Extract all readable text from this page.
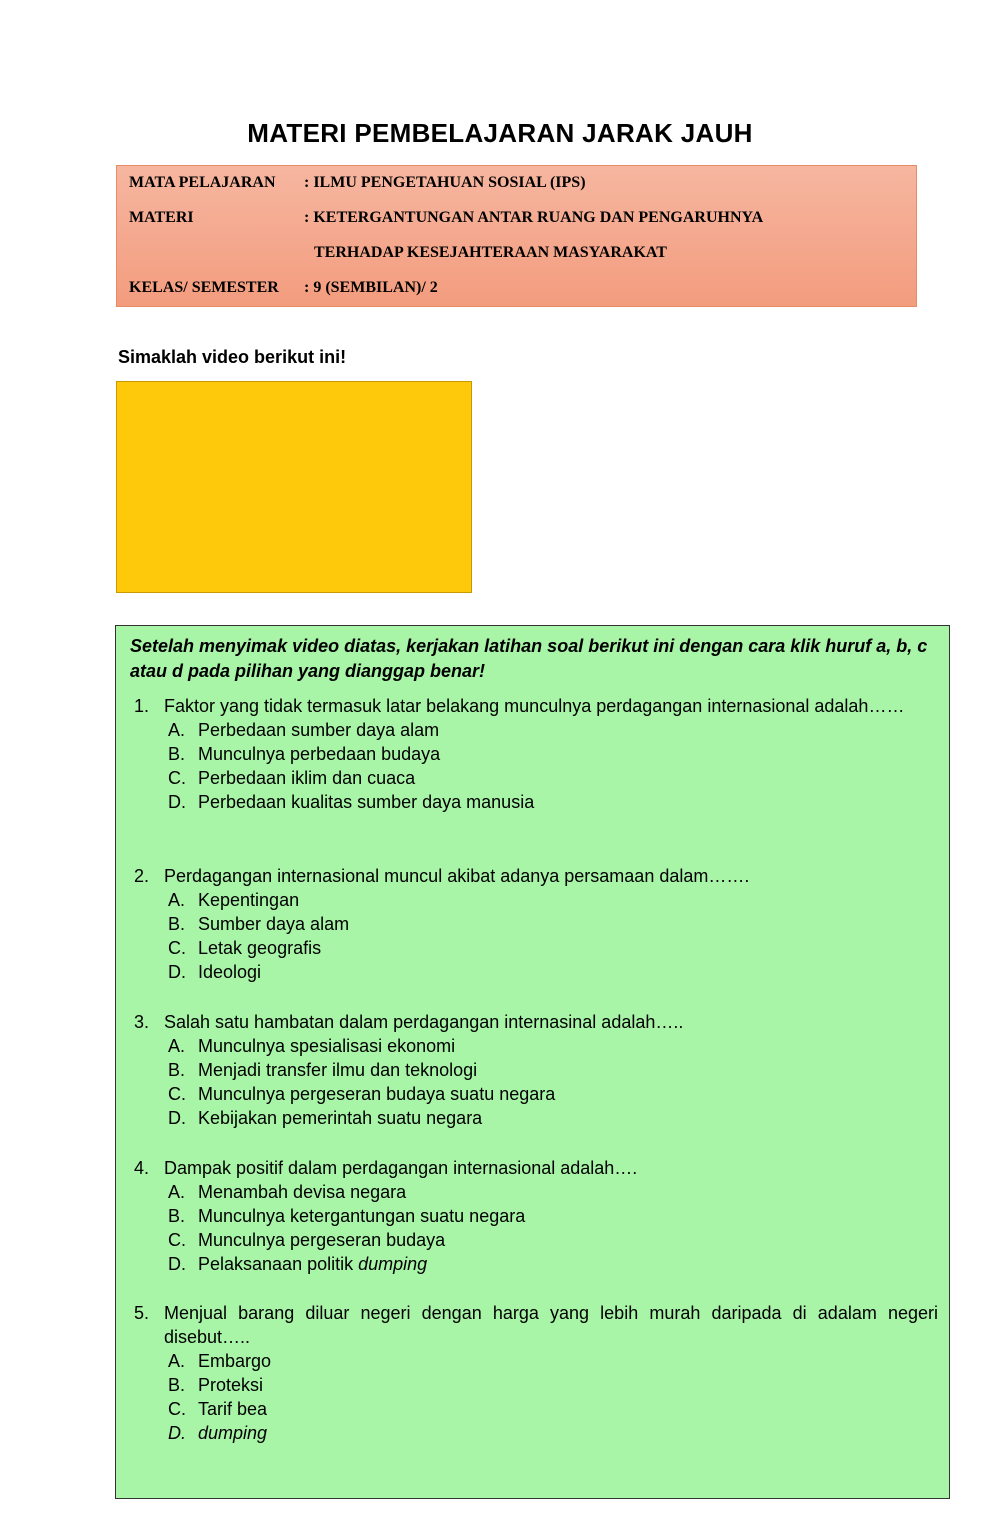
MATERI PEMBELAJARAN JARAK JAUH
MATA PELAJARAN : ILMU PENGETAHUAN SOSIAL (IPS)
MATERI	: KETERGANTUNGAN ANTAR RUANG DAN PENGARUHNYA
TERHADAP KESEJAHTERAAN MASYARAKAT
KELAS/ SEMESTER : 9 (SEMBILAN)/ 2
Simaklah video berikut ini!
Setelah menyimak video diatas, kerjakan latihan soal berikut ini dengan cara klik huruf a, b, c atau d pada pilihan yang dianggap benar!
1. Faktor yang tidak termasuk latar belakang munculnya perdagangan internasional adalah……
A. Perbedaan sumber daya alam
B. Munculnya perbedaan budaya
C. Perbedaan iklim dan cuaca
D. Perbedaan kualitas sumber daya manusia
2. Perdagangan internasional muncul akibat adanya persamaan dalam…….
A. Kepentingan
B. Sumber daya alam
C. Letak geografis
D. Ideologi
3. Salah satu hambatan dalam perdagangan internasinal adalah…..
A. Munculnya spesialisasi ekonomi
B. Menjadi transfer ilmu dan teknologi
C. Munculnya pergeseran budaya suatu negara
D. Kebijakan pemerintah suatu negara
4. Dampak positif dalam perdagangan internasional adalah….
A. Menambah devisa negara
B. Munculnya ketergantungan suatu negara
C. Munculnya pergeseran budaya
D. Pelaksanaan politik dumping
5. Menjual barang diluar negeri dengan harga yang lebih murah daripada di adalam negeri disebut…..
A. Embargo
B. Proteksi
C. Tarif bea
D. dumping
